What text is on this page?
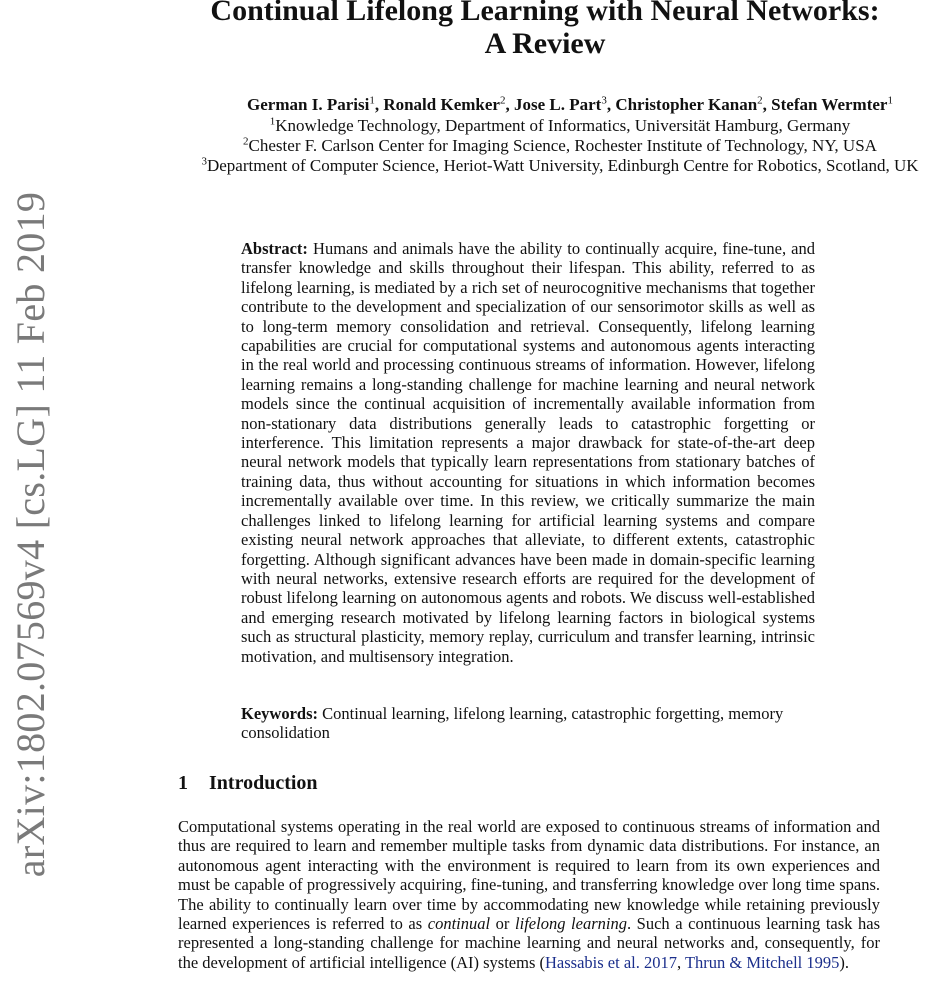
arXiv:1802.07569v4 [cs.LG] 11 Feb 2019
Continual Lifelong Learning with Neural Networks:
A Review
German I. Parisi$^1$, Ronald Kemker$^2$, Jose L. Part$^3$, Christopher Kanan$^2$, Stefan Wermter$^1$
$^1$Knowledge Technology, Department of Informatics, Universität Hamburg, Germany
$^2$Chester F. Carlson Center for Imaging Science, Rochester Institute of Technology, NY, USA
$^3$Department of Computer Science, Heriot-Watt University, Edinburgh Centre for Robotics, Scotland, UK

Abstract: Humans and animals have the ability to continually acquire, fine-tune, and transfer knowledge and skills throughout their lifespan. This ability, referred to as lifelong learning, is mediated by a rich set of neurocognitive mechanisms that together contribute to the development and specialization of our sensorimotor skills as well as to long-term memory consolidation and retrieval. Consequently, lifelong learning capabilities are crucial for computational systems and autonomous agents interacting in the real world and processing continuous streams of information. However, lifelong learning remains a long-standing challenge for machine learning and neural network models since the continual acquisition of incrementally available information from non-stationary data distributions generally leads to catastrophic forgetting or interference. This limitation represents a major drawback for state-of-the-art deep neural network models that typically learn representations from stationary batches of training data, thus without accounting for situations in which information becomes incrementally available over time. In this review, we critically summarize the main challenges linked to lifelong learning for artificial learning systems and compare existing neural network approaches that alleviate, to different extents, catastrophic forgetting. Although significant advances have been made in domain-specific learning with neural networks, extensive research efforts are required for the development of robust lifelong learning on autonomous agents and robots. We discuss well-established and emerging research motivated by lifelong learning factors in biological systems such as structural plasticity, memory replay, curriculum and transfer learning, intrinsic motivation, and multisensory integration.

Keywords: Continual learning, lifelong learning, catastrophic forgetting, memory consolidation

1 Introduction

Computational systems operating in the real world are exposed to continuous streams of information and thus are required to learn and remember multiple tasks from dynamic data distributions. For instance, an autonomous agent interacting with the environment is required to learn from its own experiences and must be capable of progressively acquiring, fine-tuning, and transferring knowledge over long time spans. The ability to continually learn over time by accommodating new knowledge while retaining previously learned experiences is referred to as continual or lifelong learning. Such a continuous learning task has represented a long-standing challenge for machine learning and neural networks and, consequently, for the development of artificial intelligence (AI) systems (Hassabis et al. 2017, Thrun & Mitchell 1995).
